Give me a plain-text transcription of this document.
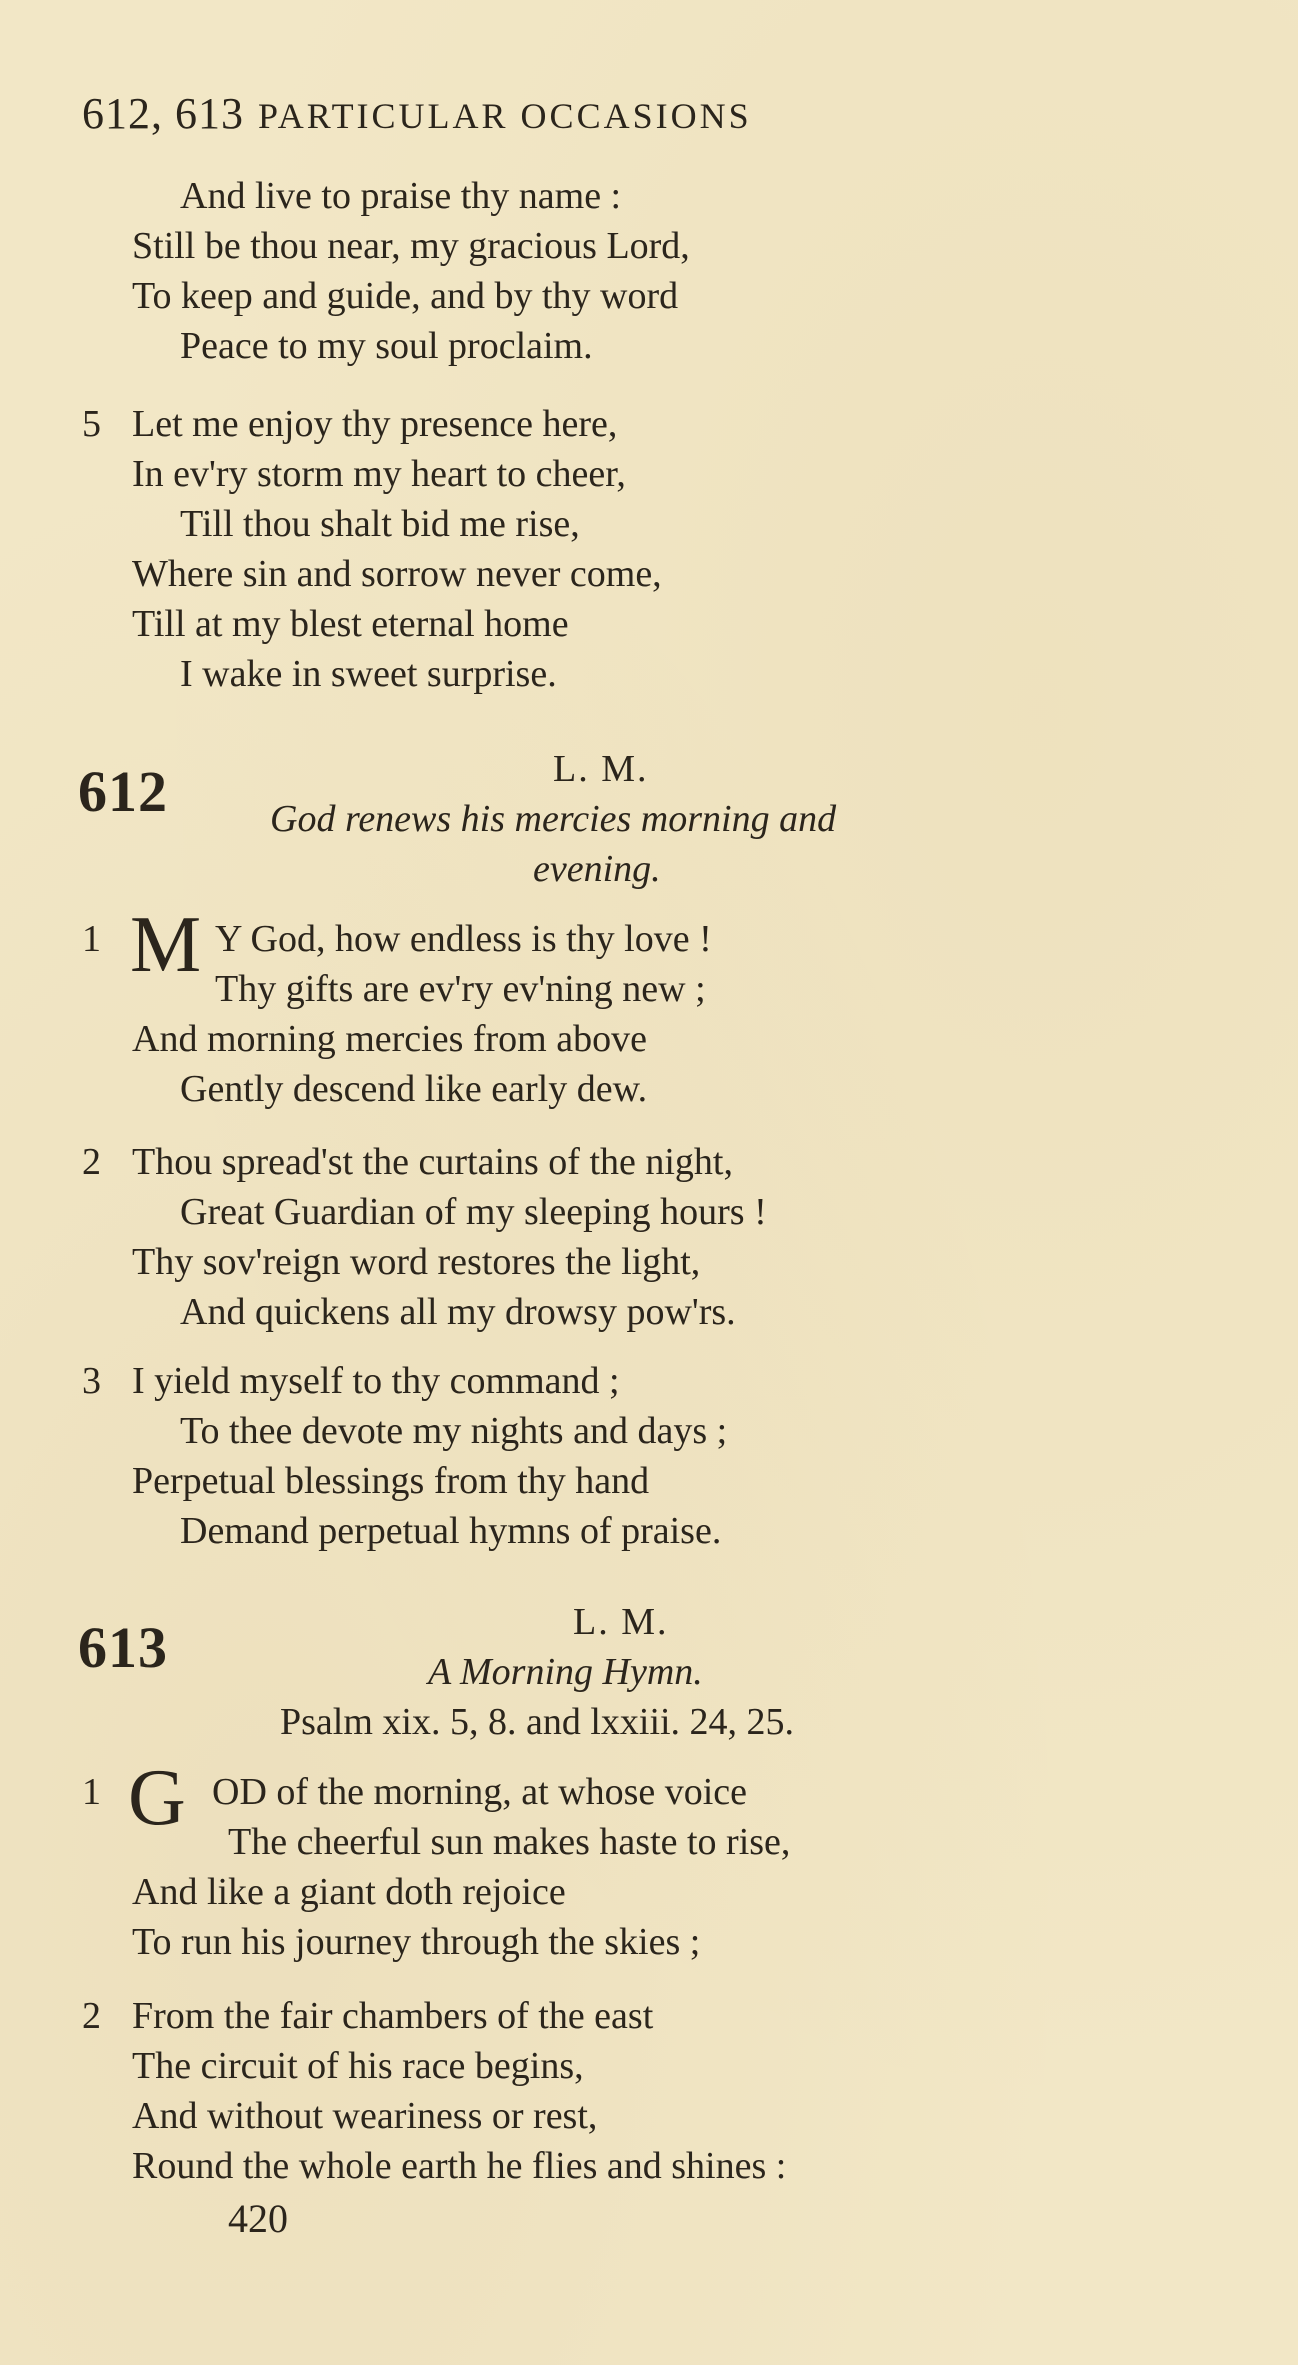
612, 613 PARTICULAR OCCASIONS
And live to praise thy name :
Still be thou near, my gracious Lord,
To keep and guide, and by thy word
Peace to my soul proclaim.
5 Let me enjoy thy presence here,
In ev'ry storm my heart to cheer,
Till thou shalt bid me rise,
Where sin and sorrow never come,
Till at my blest eternal home
I wake in sweet surprise.
612	L. M.
God renews his mercies morning and
evening.
1 M Y God, how endless is thy love !
Thy gifts are ev'ry ev'ning new ;
And morning mercies from above
Gently descend like early dew.
2 Thou spread'st the curtains of the night,
Great Guardian of my sleeping hours !
Thy sov'reign word restores the light,
And quickens all my drowsy pow'rs.
3 I yield myself to thy command ;
To thee devote my nights and days ;
Perpetual blessings from thy hand
Demand perpetual hymns of praise.
613	L. M.
A Morning Hymn.
Psalm xix. 5, 8. and lxxiii. 24, 25.
1 G OD of the morning, at whose voice
The cheerful sun makes haste to rise,
And like a giant doth rejoice
To run his journey through the skies ;
2 From the fair chambers of the east
The circuit of his race begins,
And without weariness or rest,
Round the whole earth he flies and shines :
420
